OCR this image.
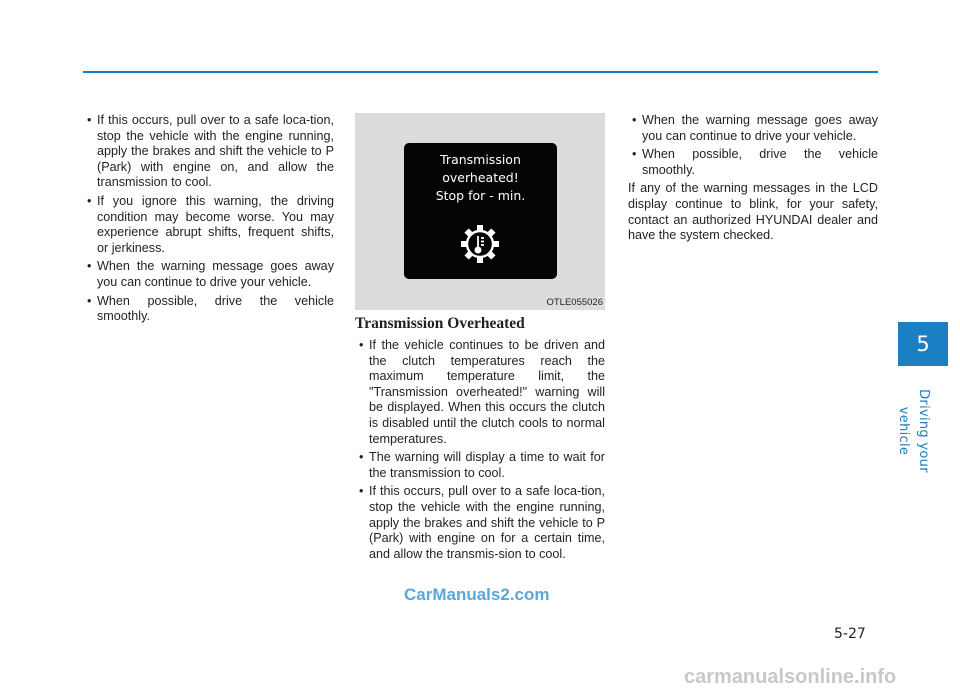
• If this occurs, pull over to a safe loca-tion, stop the vehicle with the engine running, apply the brakes and shift the vehicle to P (Park) with engine on, and allow the transmission to cool.
• If you ignore this warning, the driving condition may become worse. You may experience abrupt shifts, frequent shifts, or jerkiness.
• When the warning message goes away you can continue to drive your vehicle.
• When possible, drive the vehicle smoothly.
Transmission
overheated!
Stop for - min.
OTLE055026
Transmission Overheated
• If the vehicle continues to be driven and the clutch temperatures reach the maximum temperature limit, the "Transmission overheated!" warning will be displayed. When this occurs the clutch is disabled until the clutch cools to normal temperatures.
• The warning will display a time to wait for the transmission to cool.
• If this occurs, pull over to a safe loca-tion, stop the vehicle with the engine running, apply the brakes and shift the vehicle to P (Park) with engine on for a certain time, and allow the transmis-sion to cool.
• When the warning message goes away you can continue to drive your vehicle.
• When possible, drive the vehicle smoothly.

If any of the warning messages in the LCD display continue to blink, for your safety, contact an authorized HYUNDAI dealer and have the system checked.

5
Driving your vehicle
5-27
CarManuals2.com
carmanualsonline.info
